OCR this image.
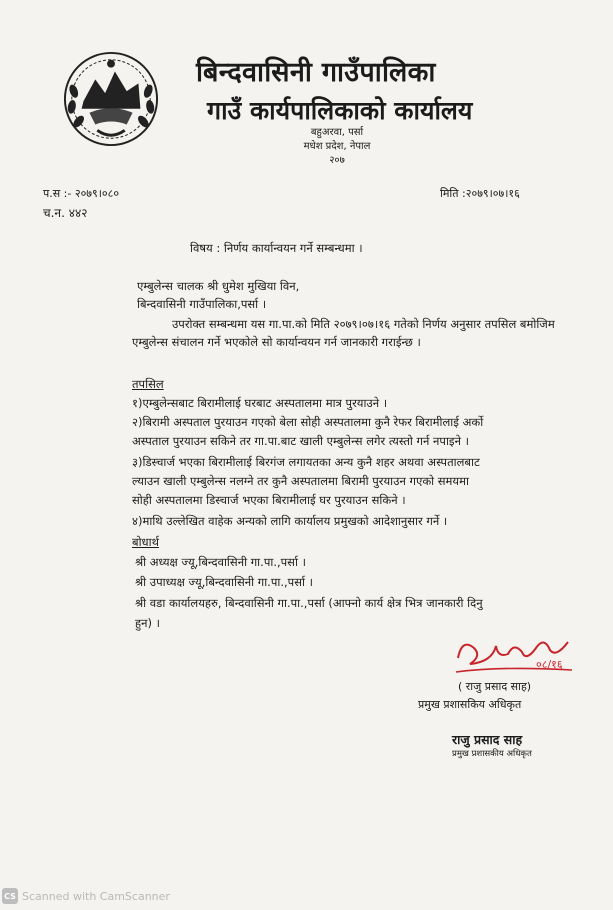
बिन्दवासिनी गाउँपालिका
गाउँ कार्यपालिकाको कार्यालय
बहुअरवा, पर्सा
मधेश प्रदेश, नेपाल
२०७
प.स :- २०७९।०८०
च.न. ४४२
मिति :२०७९।०७।१६
विषय : निर्णय कार्यान्वयन गर्ने सम्बन्धमा ।
एम्बुलेन्स चालक श्री धुमेश मुखिया विन,
बिन्दवासिनी गाउँपालिका,पर्सा ।
उपरोक्त सम्बन्धमा यस गा.पा.को मिति २०७९।०७।१६ गतेको निर्णय अनुसार तपसिल बमोजिम एम्बुलेन्स संचालन गर्ने भएकोले सो कार्यान्वयन गर्न जानकारी गराईन्छ ।
तपसिल
१)एम्बुलेन्सबाट बिरामीलाई घरबाट अस्पतालमा मात्र पुरयाउने ।
२)बिरामी अस्पताल पुरयाउन गएको बेला सोही अस्पतालमा कुनै रेफर बिरामीलाई अर्को
अस्पताल पुरयाउन सकिने तर गा.पा.बाट खाली एम्बुलेन्स लगेर त्यस्तो गर्न नपाइने ।
३)डिस्चार्ज भएका बिरामीलाई बिरगंज लगायतका अन्य कुनै शहर अथवा अस्पतालबाट
ल्याउन खाली एम्बुलेन्स नलग्ने तर कुनै अस्पतालमा बिरामी पुरयाउन गएको समयमा
सोही अस्पतालमा डिस्चार्ज भएका बिरामीलाई घर पुरयाउन सकिने ।
४)माथि उल्लेखित वाहेक अन्यको लागि कार्यालय प्रमुखको आदेशानुसार गर्ने ।
बोधार्थ
श्री अध्यक्ष ज्यू,बिन्दवासिनी गा.पा.,पर्सा ।
श्री उपाध्यक्ष ज्यू,बिन्दवासिनी गा.पा.,पर्सा ।
श्री वडा कार्यालयहरु, बिन्दवासिनी गा.पा.,पर्सा (आफ्नो कार्य क्षेत्र भित्र जानकारी दिनु
हुन) ।
०८/१६
( राजु प्रसाद साह)
प्रमुख प्रशासकिय अधिकृत
राजु प्रसाद साह
प्रमुख प्रशासकीय अधिकृत
CS Scanned with CamScanner
